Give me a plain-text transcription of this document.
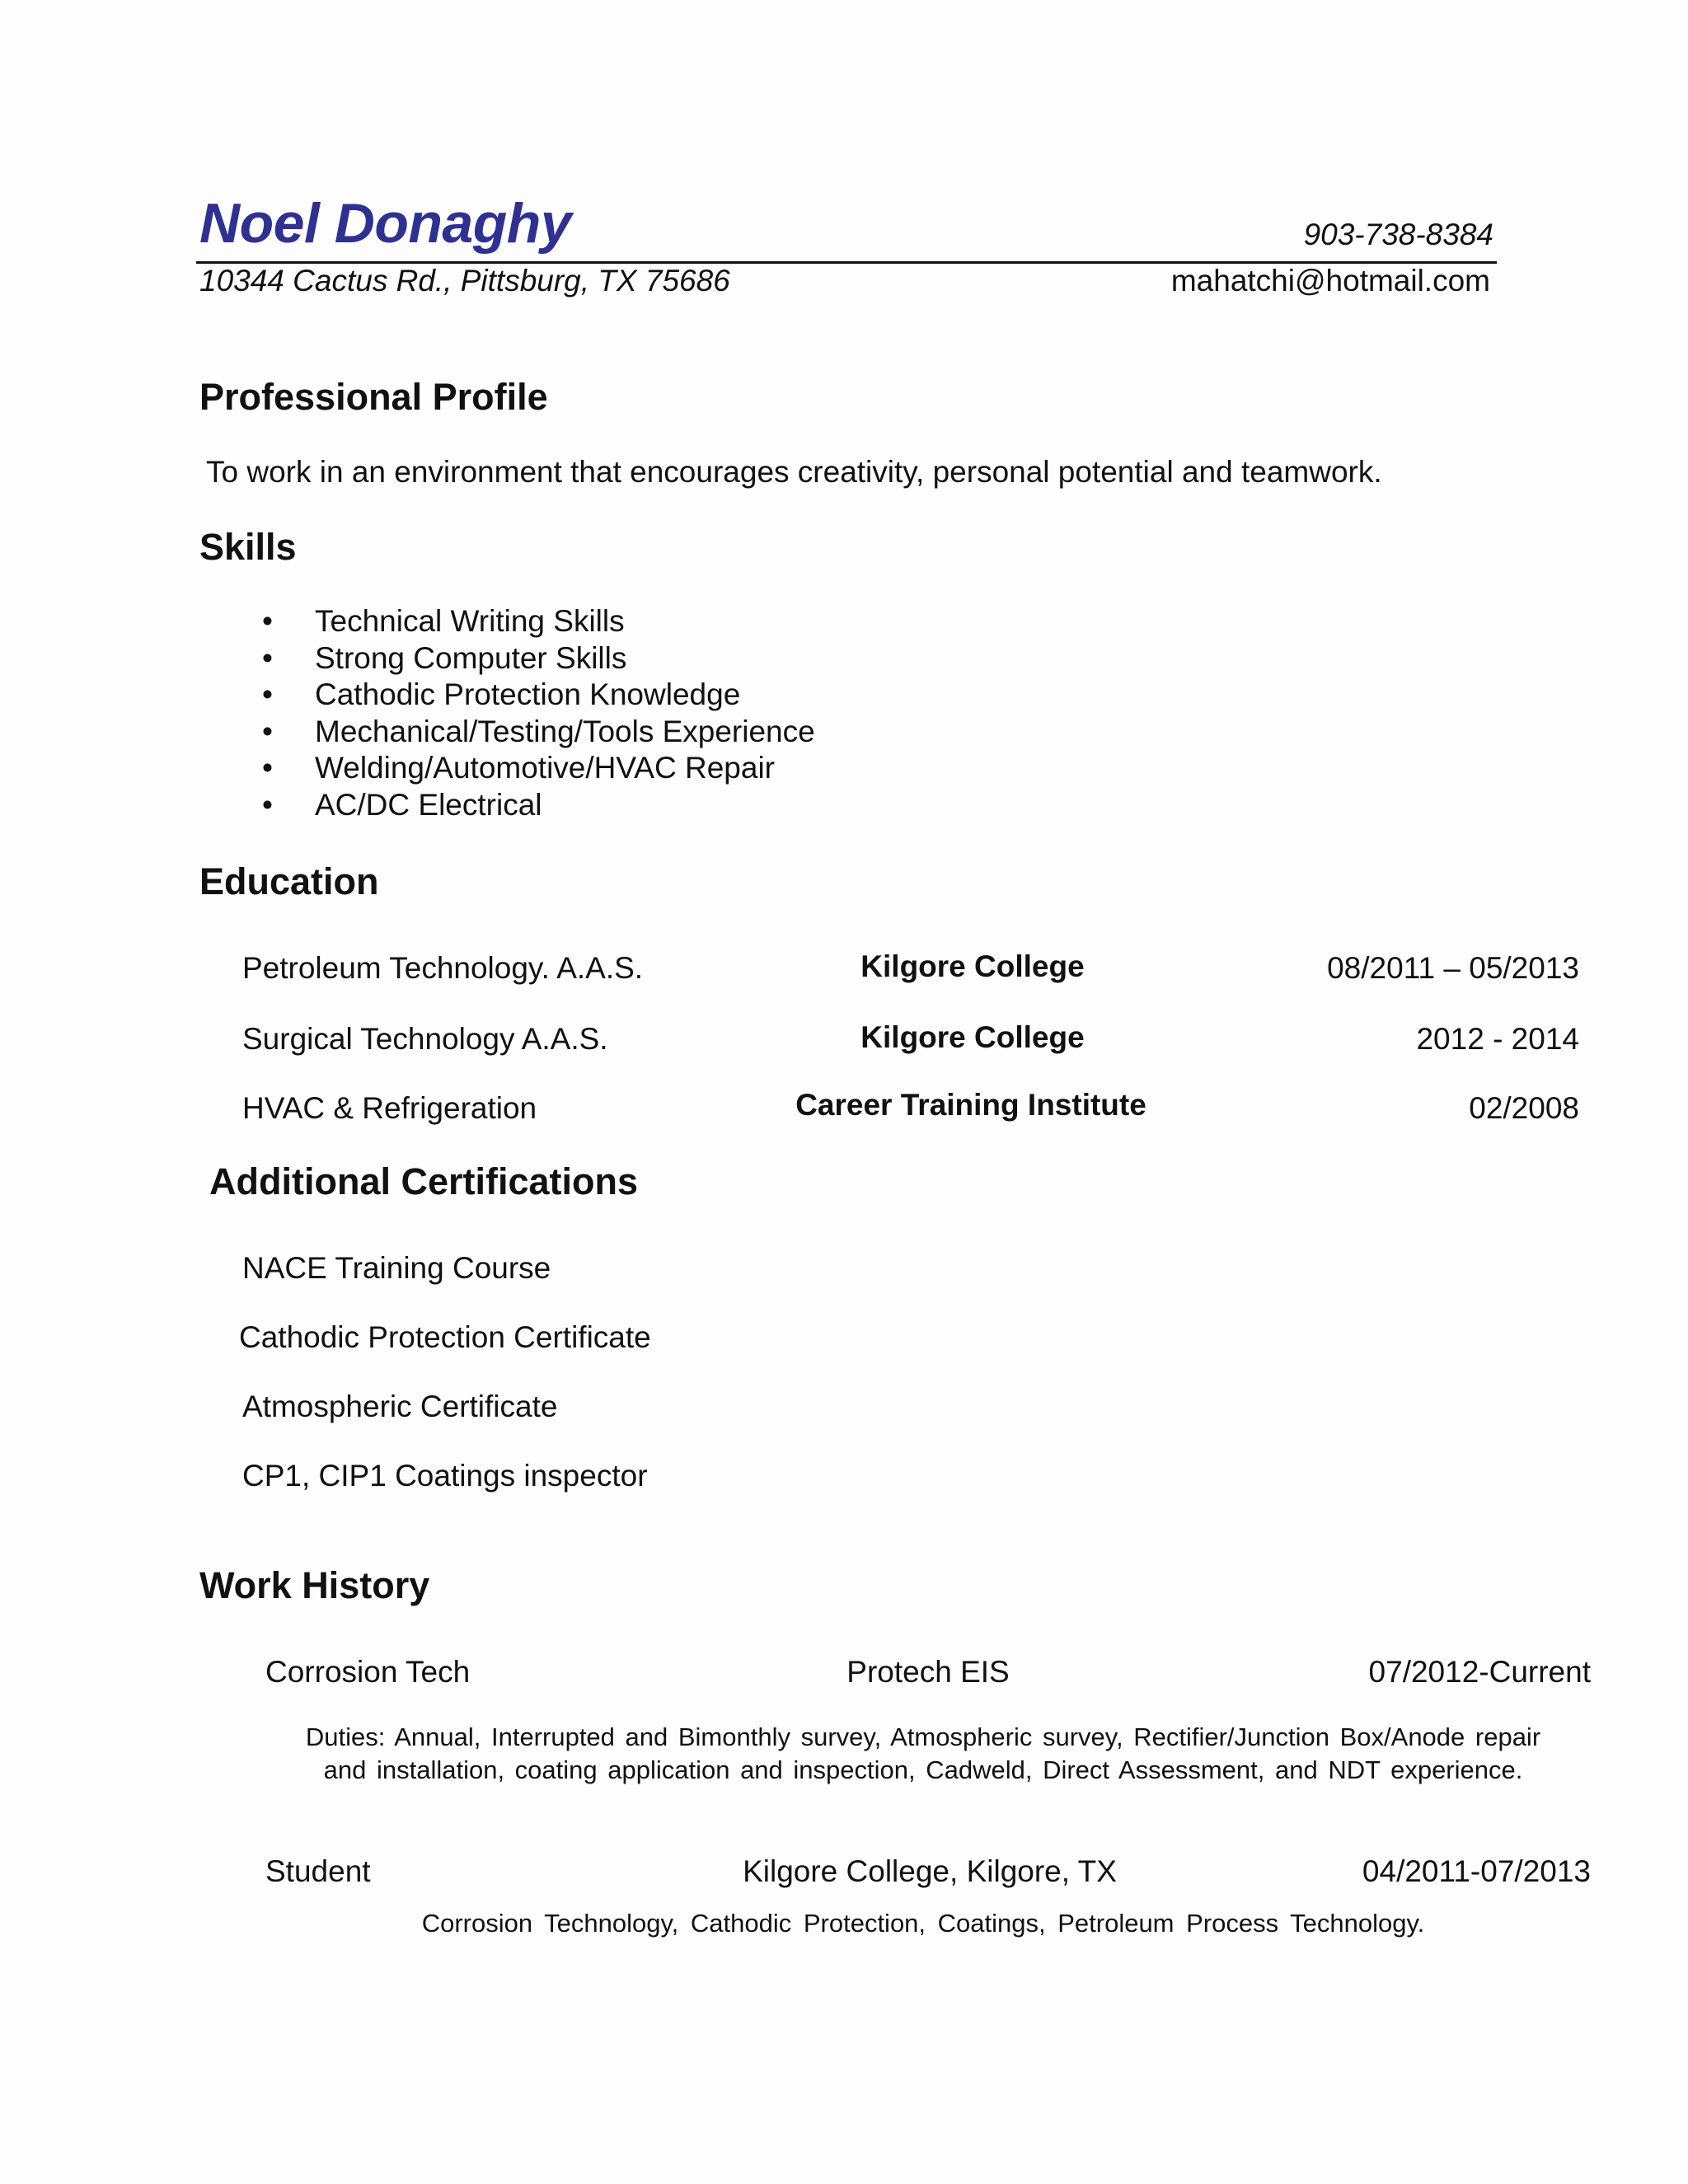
Noel Donaghy	903-738-8384
10344 Cactus Rd., Pittsburg, TX 75686	mahatchi@hotmail.com
Professional Profile
To work in an environment that encourages creativity, personal potential and teamwork.
Skills
• Technical Writing Skills
• Strong Computer Skills
• Cathodic Protection Knowledge
• Mechanical/Testing/Tools Experience
• Welding/Automotive/HVAC Repair
• AC/DC Electrical
Education
Petroleum Technology. A.A.S.	Kilgore College	08/2011 – 05/2013
Surgical Technology A.A.S.	Kilgore College	2012 - 2014
HVAC & Refrigeration	Career Training Institute	02/2008
Additional Certifications
NACE Training Course
Cathodic Protection Certificate
Atmospheric Certificate
CP1, CIP1 Coatings inspector
Work History
Corrosion Tech	Protech EIS	07/2012-Current
Duties: Annual, Interrupted and Bimonthly survey, Atmospheric survey, Rectifier/Junction Box/Anode repair
and installation, coating application and inspection, Cadweld, Direct Assessment, and NDT experience.
Student	Kilgore College, Kilgore, TX	04/2011-07/2013
Corrosion Technology, Cathodic Protection, Coatings, Petroleum Process Technology.
